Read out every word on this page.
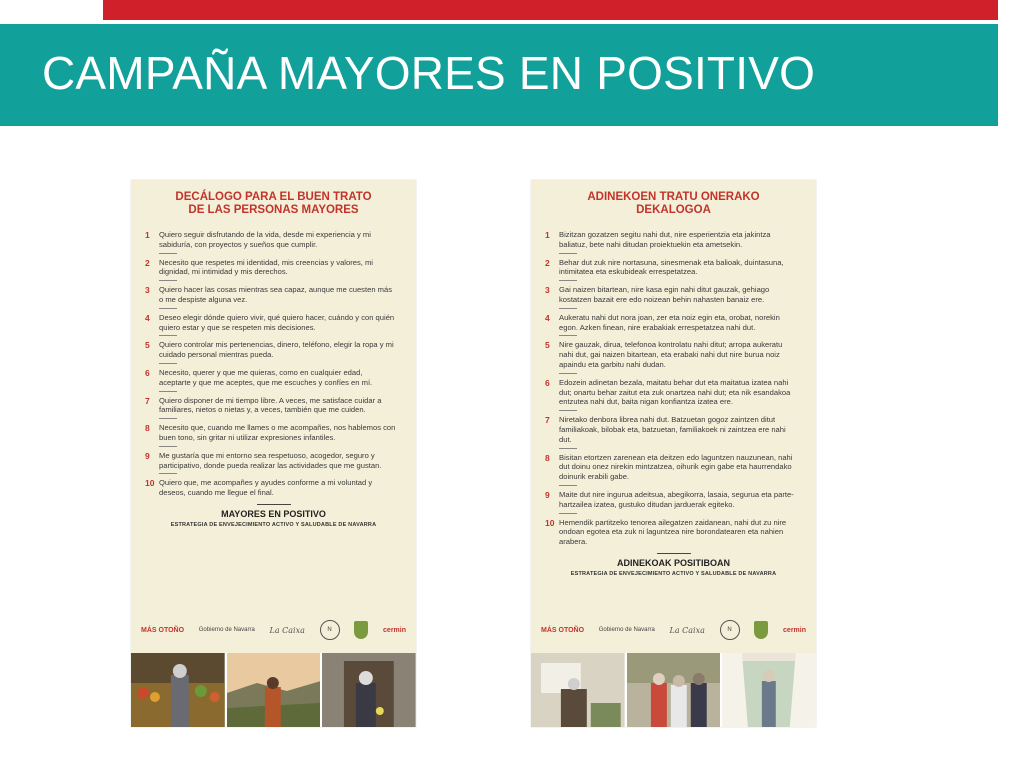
CAMPAÑA MAYORES EN POSITIVO
DECÁLOGO PARA EL BUEN TRATO
DE LAS PERSONAS MAYORES
1	Quiero seguir disfrutando de la vida, desde mi experiencia y mi sabiduría, con proyectos y sueños que cumplir.
2	Necesito que respetes mi identidad, mis creencias y valores, mi dignidad, mi intimidad y mis derechos.
3	Quiero hacer las cosas mientras sea capaz, aunque me cuesten más o me despiste alguna vez.
4	Deseo elegir dónde quiero vivir, qué quiero hacer, cuándo y con quién quiero estar y que se respeten mis decisiones.
5	Quiero controlar mis pertenencias, dinero, teléfono, elegir la ropa y mi cuidado personal mientras pueda.
6	Necesito, querer y que me quieras, como en cualquier edad, aceptarte y que me aceptes, que me escuches y confíes en mí.
7	Quiero disponer de mi tiempo libre. A veces, me satisface cuidar a familiares, nietos o nietas y, a veces, también que me cuiden.
8	Necesito que, cuando me llames o me acompañes, nos hablemos con buen tono, sin gritar ni utilizar expresiones infantiles.
9	Me gustaría que mi entorno sea respetuoso, acogedor, seguro y participativo, donde pueda realizar las actividades que me gustan.
10 Quiero que, me acompañes y ayudes conforme a mi voluntad y deseos, cuando me llegue el final.
MAYORES EN POSITIVO
ESTRATEGIA DE ENVEJECIMIENTO ACTIVO Y SALUDABLE DE NAVARRA
MÁS OTOÑO Gobierno de Navarra La Caixa	N	cermin
ADINEKOEN TRATU ONERAKO
DEKALOGOA
1	Bizitzan gozatzen segitu nahi dut, nire esperientzia eta jakintza baliatuz, bete nahi ditudan proiektuekin eta ametsekin.
2	Behar dut zuk nire nortasuna, sinesmenak eta balioak, duintasuna, intimitatea eta eskubideak errespetatzea.
3	Gai naizen bitartean, nire kasa egin nahi ditut gauzak, gehiago kostatzen bazait ere edo noizean behin nahasten banaiz ere.
4	Aukeratu nahi dut nora joan, zer eta noiz egin eta, orobat, norekin egon. Azken finean, nire erabakiak errespetatzea nahi dut.
5	Nire gauzak, dirua, telefonoa kontrolatu nahi ditut; arropa aukeratu nahi dut, gai naizen bitartean, eta erabaki nahi dut nire burua noiz apaindu eta garbitu nahi dudan.
6	Edozein adinetan bezala, maitatu behar dut eta maitatua izatea nahi dut; onartu behar zaitut eta zuk onartzea nahi dut; eta nik esandakoa entzutea nahi dut, baita nigan konfiantza izatea ere.
7	Niretako denbora librea nahi dut. Batzuetan gogoz zaintzen ditut familiakoak, bilobak eta, batzuetan, familiakoek ni zaintzea ere nahi dut.
8	Bisitan etortzen zarenean eta deitzen edo laguntzen nauzunean, nahi dut doinu onez nirekin mintzatzea, oihurik egin gabe eta haurrendako doinurik erabili gabe.
9	Maite dut nire ingurua adeitsua, abegikorra, lasaia, segurua eta parte-hartzailea izatea, gustuko ditudan jarduerak egiteko.
10 Hemendik partitzeko tenorea ailegatzen zaidanean, nahi dut zu nire ondoan egotea eta zuk ni laguntzea nire borondatearen eta nahien arabera.
ADINEKOAK POSITIBOAN
ESTRATEGIA DE ENVEJECIMIENTO ACTIVO Y SALUDABLE DE NAVARRA
MÁS OTOÑO Gobierno de Navarra La Caixa	N	cermin
